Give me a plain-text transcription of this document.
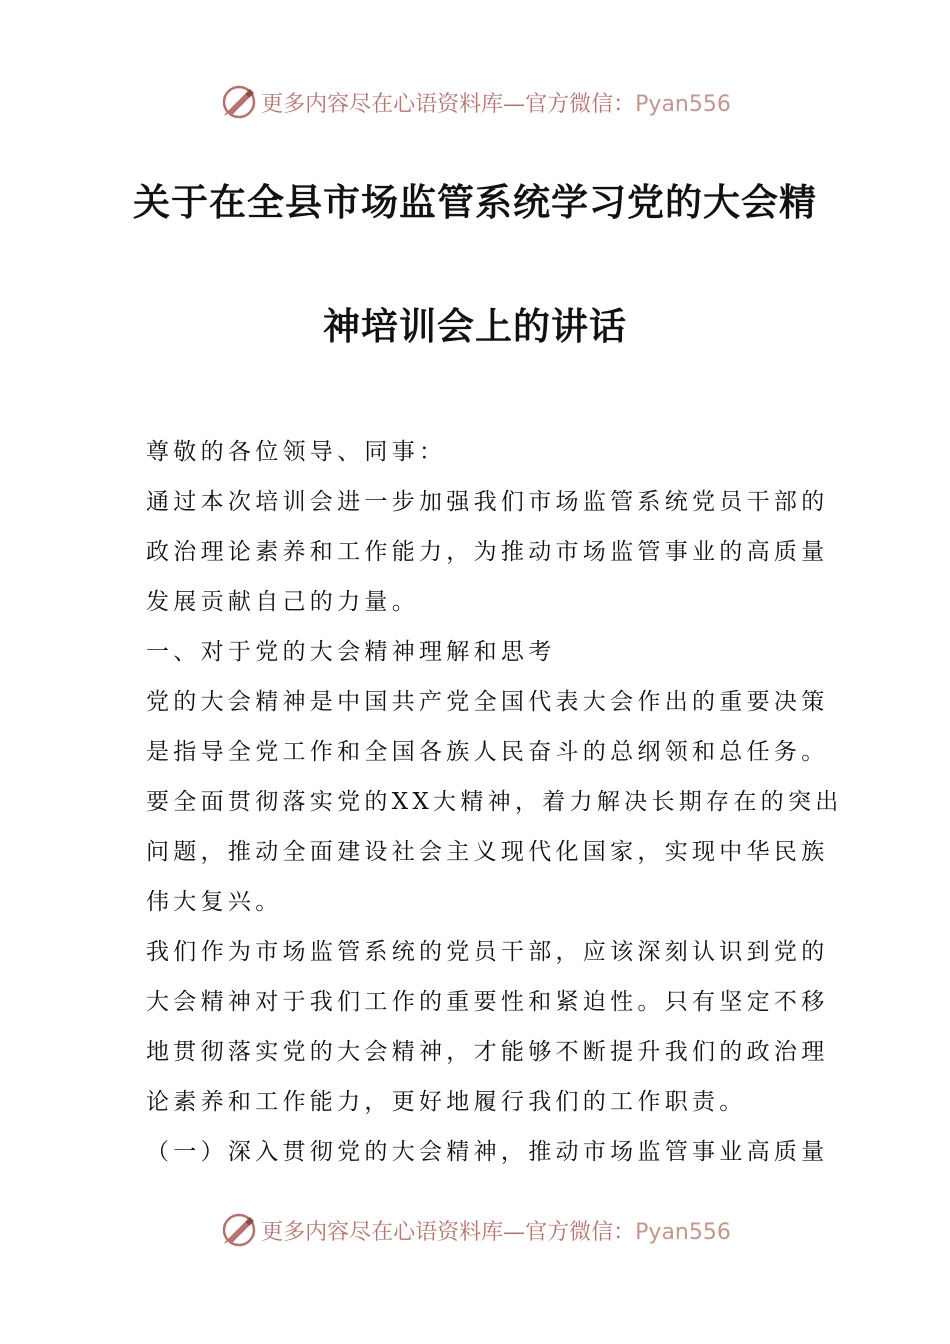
更多内容尽在心语资料库—官方微信：Pyan556
关于在全县市场监管系统学习党的大会精
神培训会上的讲话

尊敬的各位领导、同事：

通过本次培训会进一步加强我们市场监管系统党员干部的

政治理论素养和工作能力，为推动市场监管事业的高质量

发展贡献自己的力量。

一、对于党的大会精神理解和思考

党的大会精神是中国共产党全国代表大会作出的重要决策

是指导全党工作和全国各族人民奋斗的总纲领和总任务。

要全面贯彻落实党的XX大精神，着力解决长期存在的突出

问题，推动全面建设社会主义现代化国家，实现中华民族

伟大复兴。

我们作为市场监管系统的党员干部，应该深刻认识到党的

大会精神对于我们工作的重要性和紧迫性。只有坚定不移

地贯彻落实党的大会精神，才能够不断提升我们的政治理

论素养和工作能力，更好地履行我们的工作职责。

（一）深入贯彻党的大会精神，推动市场监管事业高质量

更多内容尽在心语资料库—官方微信：Pyan556
